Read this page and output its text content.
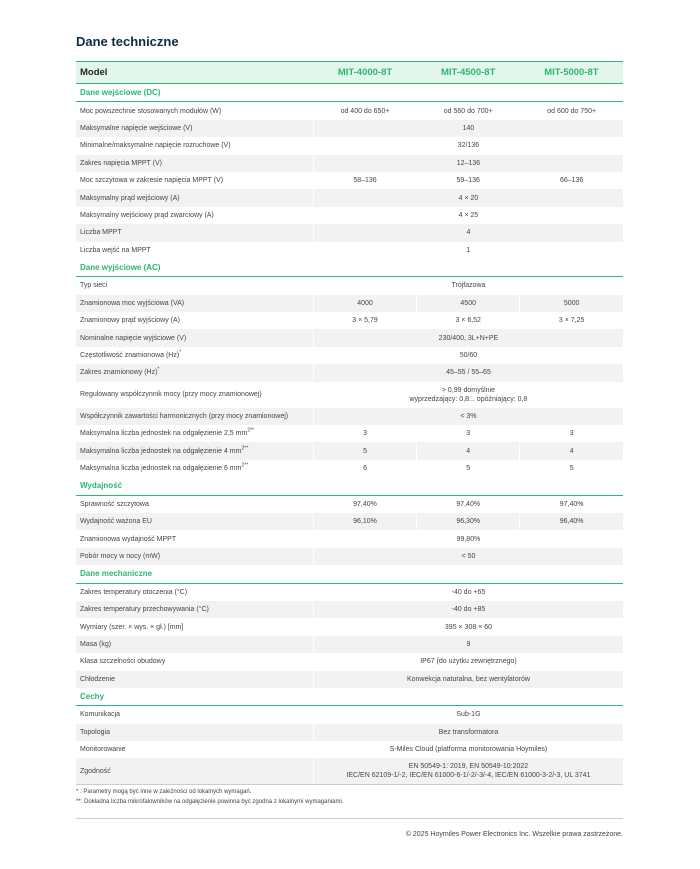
Dane techniczne
Model	MIT-4000-8T	MIT-4500-8T	MIT-5000-8T
Dane wejściowe (DC)			
Moc powszechnie stosowanych modułów (W)	od 400 do 650+	od 560 do 700+	od 600 do 750+
Maksymalne napięcie wejściowe (V)	140		

Minimalne/maksymalne napięcie rozruchowe (V)	32/136		

Zakres napięcia MPPT (V)	12–136		

Moc szczytowa w zakresie napięcia MPPT (V)	58–136	59–136	66–136
Maksymalny prąd wejściowy (A)	4 × 20		

Maksymalny wejściowy prąd zwarciowy (A)	4 × 25		

Liczba MPPT	4		

Liczba wejść na MPPT	1		

Dane wyjściowe (AC)			
Typ sieci	Trójfazowa		

Znamionowa moc wyjściowa (VA)	4000	4500	5000
Znamionowy prąd wyjściowy (A)	3 × 5,79	3 × 6,52	3 × 7,25
Nominalne napięcie wyjściowe (V)	230/400, 3L+N+PE		

Częstotliwość znamionowa (Hz)*	50/60		

Zakres znamionowy (Hz)*	45–55 / 55–65		

Regulowany współczynnik mocy (przy mocy znamionowej)	> 0,99 domyślnie
wyprzedzający: 0,8... opóźniający: 0,8		

Współczynnik zawartości harmonicznych (przy mocy znamionowej)	< 3%		

Maksymalna liczba jednostek na odgałęzienie 2,5 $mm^{2**}$	3	3	3
Maksymalna liczba jednostek na odgałęzienie 4 $mm^{2**}$	5	4	4
Maksymalna liczba jednostek na odgałęzienie 6 $mm^{2**}$	6	5	5
Wydajność			
Sprawność szczytowa	97,40%	97,40%	97,40%
Wydajność ważona EU	96,10%	96,30%	96,40%
Znamionowa wydajność MPPT	99,80%		

Pobór mocy w nocy (mW)	< 50		

Dane mechaniczne			
Zakres temperatury otoczenia (°C)	-40 do +65		

Zakres temperatury przechowywania (°C)	-40 do +85		

Wymiary (szer. × wys. × gł.) [mm]	395 × 308 × 60		

Masa (kg)	9		

Klasa szczelności obudowy	IP67 (do użytku zewnętrznego)		

Chłodzenie	Konwekcja naturalna, bez wentylatorów		

Cechy			
Komunikacja	Sub-1G		

Topologia	Bez transformatora		

Monitorowanie	S-Miles Cloud (platforma monitorowania Hoymiles)		

Zgodność	EN 50549-1: 2019, EN 50549-10:2022
IEC/EN 62109-1/-2, IEC/EN 61000-6-1/-2/-3/-4, IEC/EN 61000-3-2/-3, UL 3741		
* : Parametry mogą być inne w zależności od lokalnych wymagań.
**: Dokładna liczba mikrofalowników na odgałęzienie powinna być zgodna z lokalnymi wymaganiami.
© 2025 Hoymiles Power Electronics Inc. Wszelkie prawa zastrzeżone.
